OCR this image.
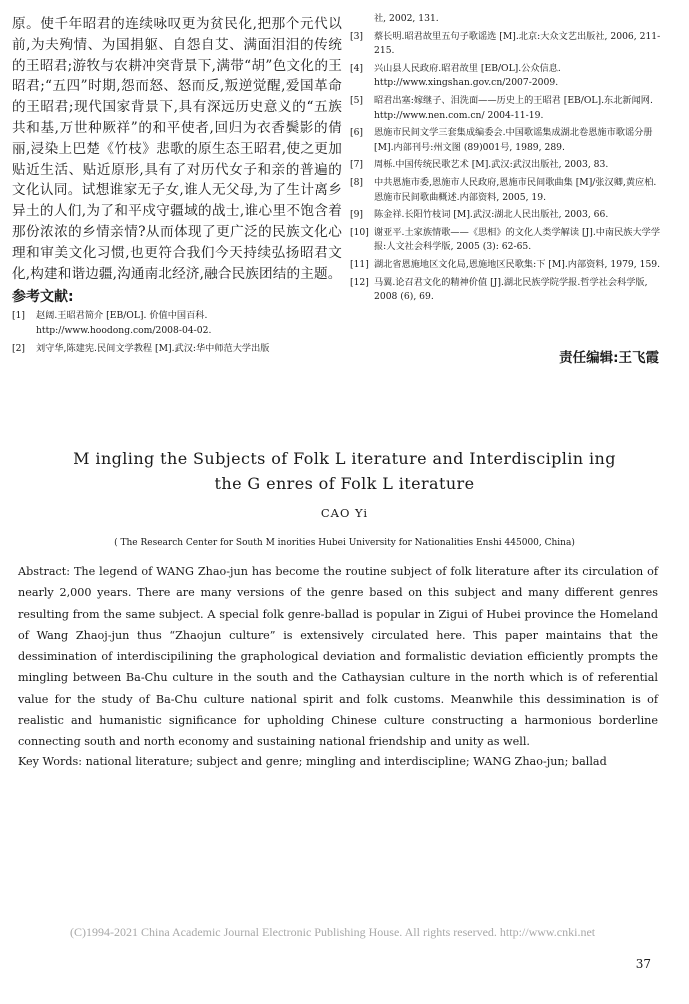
原。使千年昭君的连续咏叹更为贫民化,把那个元代以前,为夫殉情、为国捐躯、自怨自艾、满面泪泪的传统的王昭君;游牧与农耕冲突背景下,满带“胡”色文化的王昭君;“五四”时期,怨而怒、怒而反,叛逆觉醒,爱国革命的王昭君;现代国家背景下,具有深远历史意义的“五族共和基,万世种厥祥”的和平使者,回归为衣香鬓影的倩丽,浸染上巴楚《竹枝》悲歌的原生态王昭君,使之更加贴近生活、贴近原形,具有了对历代女子和亲的普遍的文化认同。试想谁家无子女,谁人无父母,为了生计离乡异土的人们,为了和平戍守疆域的战士,谁心里不饱含着那份浓浓的乡情亲情?从而体现了更广泛的民族文化心理和审美文化习惯,也更符合我们今天持续弘扬昭君文化,构建和谐边疆,沟通南北经济,融合民族团结的主题。

参考文献:
[1]	赵阔.王昭君简介 [EB/OL]. 价值中国百科. http://www.hoodong.com/2008-04-02.
[2]	刘守华,陈建宪.民间文学教程 [M].武汉:华中师范大学出版
社, 2002, 131.
[3]	蔡长明.昭君故里五句子歌谣选 [M].北京:大众文艺出版社, 2006, 211-215.
[4]	兴山县人民政府.昭君故里 [EB/OL].公众信息. http://www.xingshan.gov.cn/2007-2009.
[5]	昭君出塞:嫁继子、泪洗面——历史上的王昭君 [EB/OL].东北新闻网. http://www.nen.com.cn/ 2004-11-19.
[6]	恩施市民间文学三套集成编委会.中国歌谣集成湖北卷恩施市歌谣分册 [M].内部刊号:州文图 (89)001号, 1989, 289.
[7]	周栎.中国传统民歌艺术 [M].武汉:武汉出版社, 2003, 83.
[8]	中共恩施市委,恩施市人民政府,恩施市民间歌曲集 [M]/张汉卿,黄应柏.恩施市民间歌曲概述.内部资料, 2005, 19.
[9]	陈金祥.长阳竹枝词 [M].武汉:湖北人民出版社, 2003, 66.
[10] 谢亚平.土家族情歌——《思相》的文化人类学解读 [J].中南民族大学学报:人文社会科学版, 2005 (3): 62-65.
[11] 湖北省恩施地区文化局,恩施地区民歌集:下 [M].内部资料, 1979, 159.
[12] 马翼.论召君文化的精神价值 [J].湖北民族学院学报.哲学社会科学版, 2008 (6), 69.
责任编辑:王飞霞
M ingling the Subjects of Folk L iterature and Interdisciplin ing
the G enres of Folk L iterature
CAO Yi
( The Research Center for South M inorities Hubei University for Nationalities Enshi 445000, China)

Abstract: The legend of WANG Zhao-jun has become the routine subject of folk literature after its circulation of nearly 2,000 years. There are many versions of the genre based on this subject and many different genres resulting from the same subject. A special folk genre-ballad is popular in Zigui of Hubei province the Homeland of Wang Zhaoj-jun thus “Zhaojun culture” is extensively circulated here. This paper maintains that the dessimination of interdiscipilining the graphological deviation and formalistic deviation efficiently prompts the mingling between Ba-Chu culture in the south and the Cathaysian culture in the north which is of referential value for the study of Ba-Chu culture national spirit and folk customs. Meanwhile this dessimination is of realistic and humanistic significance for upholding Chinese culture constructing a harmonious borderline connecting south and north economy and sustaining national friendship and unity as well.

Key Words: national literature; subject and genre; mingling and interdiscipline; WANG Zhao-jun; ballad

(C)1994-2021 China Academic Journal Electronic Publishing House. All rights reserved. http://www.cnki.net
37
